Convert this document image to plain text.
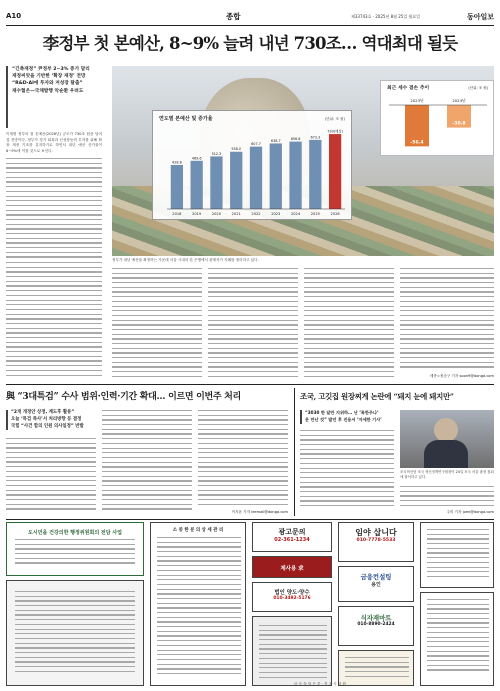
A10	종합	제33743호 · 2025년 8월 25일 월요일	동아일보
李정부 첫 본예산, 8~9% 늘려 내년 730조… 역대최대 될듯
“긴축재정” 尹정부 2~3% 증가 달리
재정씨앗을 기반한 ‘확장 재정’ 전망
“R&D·AI에 투자와 저성장 탈출”
재수혈은—국채발행 악순환 우려도

이재명 정부의 첫 본예산(2026년) 규모가 730조 원을 넘어설 전망이다. 정부가 경기 회복과 신성장동력 투자를 위해 확장 재정 기조를 유지하기로 하면서 내년 예산 증가율이 8~9%에 이를 것으로 보인다.

연도별 본예산 및 증가율	(단위: 조 원)
428.8
2018
469.6
2019
512.3
2020
558.0
2021
607.7
2022
638.7
2023
656.6
2024
673.3
2025
730(예상)
2026
최근 세수 결손 추이	(단위: 조 원)
-56.4
2023년
-30.8
2024년
정부가 내년 예산을 확정하는 가운데 서울 시내의 한 은행에서 관계자가 지폐를 정리하고 있다.
세종=정순구 기자 soon9@donga.com
與 “3대특검” 수사 범위·인력·기간 확대… 이르면 이번주 처리
“2개 개정안 상정, 계도후 활용”
오늘 ‘특검 특사’서 처리방향 등 결정
국힘 “사건 합의 인원 의사일정” 반발
이지윤 기자 leemail@donga.com
조국, 고깃집 원장찌게 논란에 “돼지 눈에 돼지만”
“3030 한 달만 지위하… 난 ‘폭한주나’
운 만난 것” 발언 후 진용서 ‘자세한 기사’
조국혁신당 조국 혁신정책연구원장이 24일 조국 서울 광장 집회에 참석하고 있다.
주미 기자 jomi@donga.com
도시민을 건강의한 행정위원회의 전담 사업	소 중 한 분 의 상 세 관 리	광고문의
02-361-1234
제사용 求
법인 양도·양수
010-3492-5176
임야 삽니다
010-7778-5533
금융컨설팅
용인
식자재마트
010-8890-2424
마 음 을 담 은 꽃 · 경 조 사 화 환
